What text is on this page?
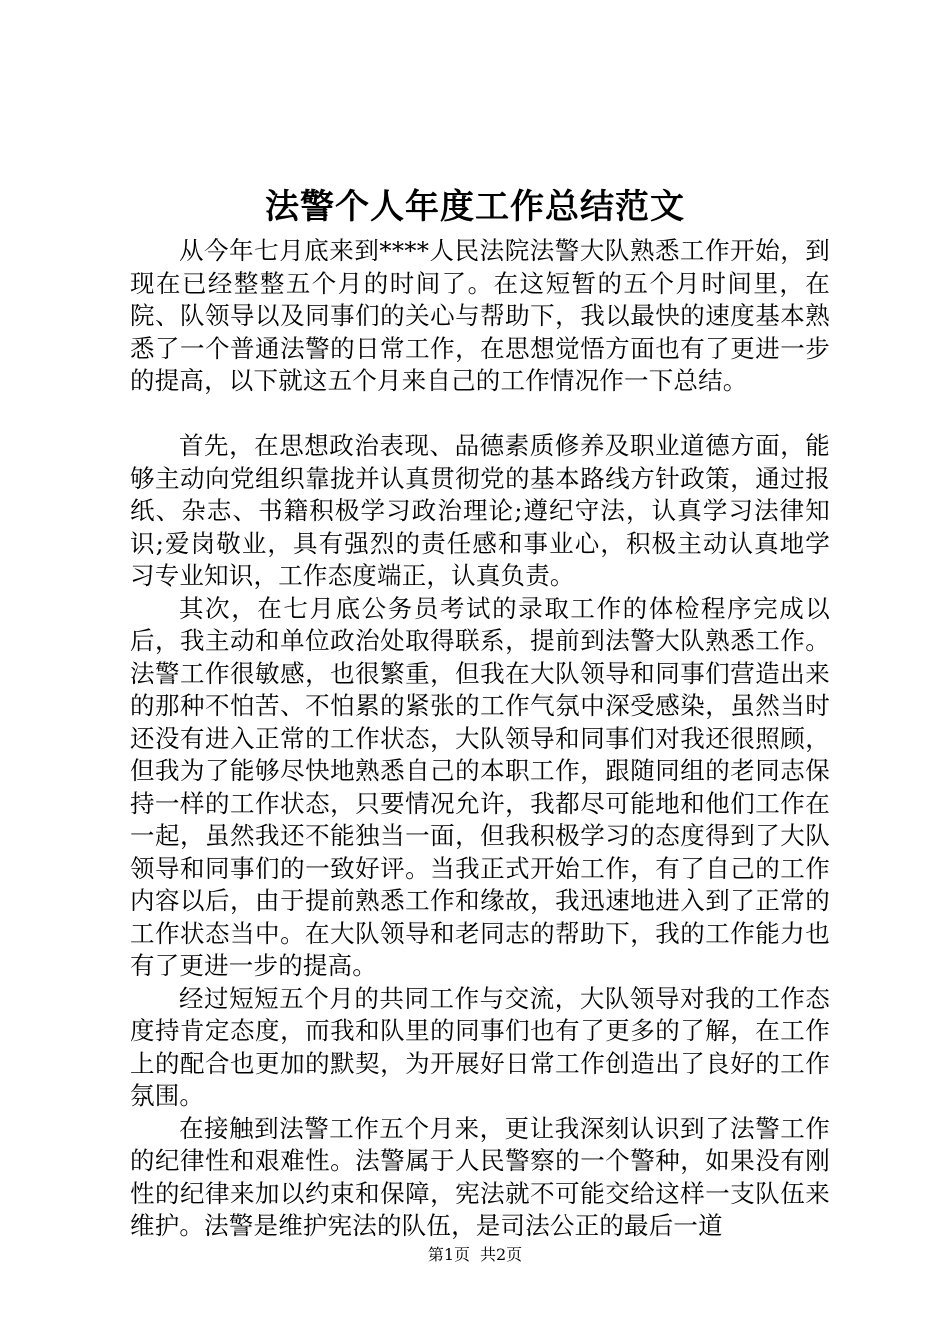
法警个人年度工作总结范文

从今年七月底来到****人民法院法警大队熟悉工作开始，到现在已经整整五个月的时间了。在这短暂的五个月时间里，在院、队领导以及同事们的关心与帮助下，我以最快的速度基本熟悉了一个普通法警的日常工作，在思想觉悟方面也有了更进一步的提高，以下就这五个月来自己的工作情况作一下总结。

首先，在思想政治表现、品德素质修养及职业道德方面，能够主动向党组织靠拢并认真贯彻党的基本路线方针政策，通过报纸、杂志、书籍积极学习政治理论;遵纪守法，认真学习法律知识;爱岗敬业，具有强烈的责任感和事业心，积极主动认真地学习专业知识，工作态度端正，认真负责。

其次，在七月底公务员考试的录取工作的体检程序完成以后，我主动和单位政治处取得联系，提前到法警大队熟悉工作。法警工作很敏感，也很繁重，但我在大队领导和同事们营造出来的那种不怕苦、不怕累的紧张的工作气氛中深受感染，虽然当时还没有进入正常的工作状态，大队领导和同事们对我还很照顾，但我为了能够尽快地熟悉自己的本职工作，跟随同组的老同志保持一样的工作状态，只要情况允许，我都尽可能地和他们工作在一起，虽然我还不能独当一面，但我积极学习的态度得到了大队领导和同事们的一致好评。当我正式开始工作，有了自己的工作内容以后，由于提前熟悉工作和缘故，我迅速地进入到了正常的工作状态当中。在大队领导和老同志的帮助下，我的工作能力也有了更进一步的提高。

经过短短五个月的共同工作与交流，大队领导对我的工作态度持肯定态度，而我和队里的同事们也有了更多的了解，在工作上的配合也更加的默契，为开展好日常工作创造出了良好的工作氛围。

在接触到法警工作五个月来，更让我深刻认识到了法警工作的纪律性和艰难性。法警属于人民警察的一个警种，如果没有刚性的纪律来加以约束和保障，宪法就不可能交给这样一支队伍来维护。法警是维护宪法的队伍，是司法公正的最后一道

第1页 共2页
